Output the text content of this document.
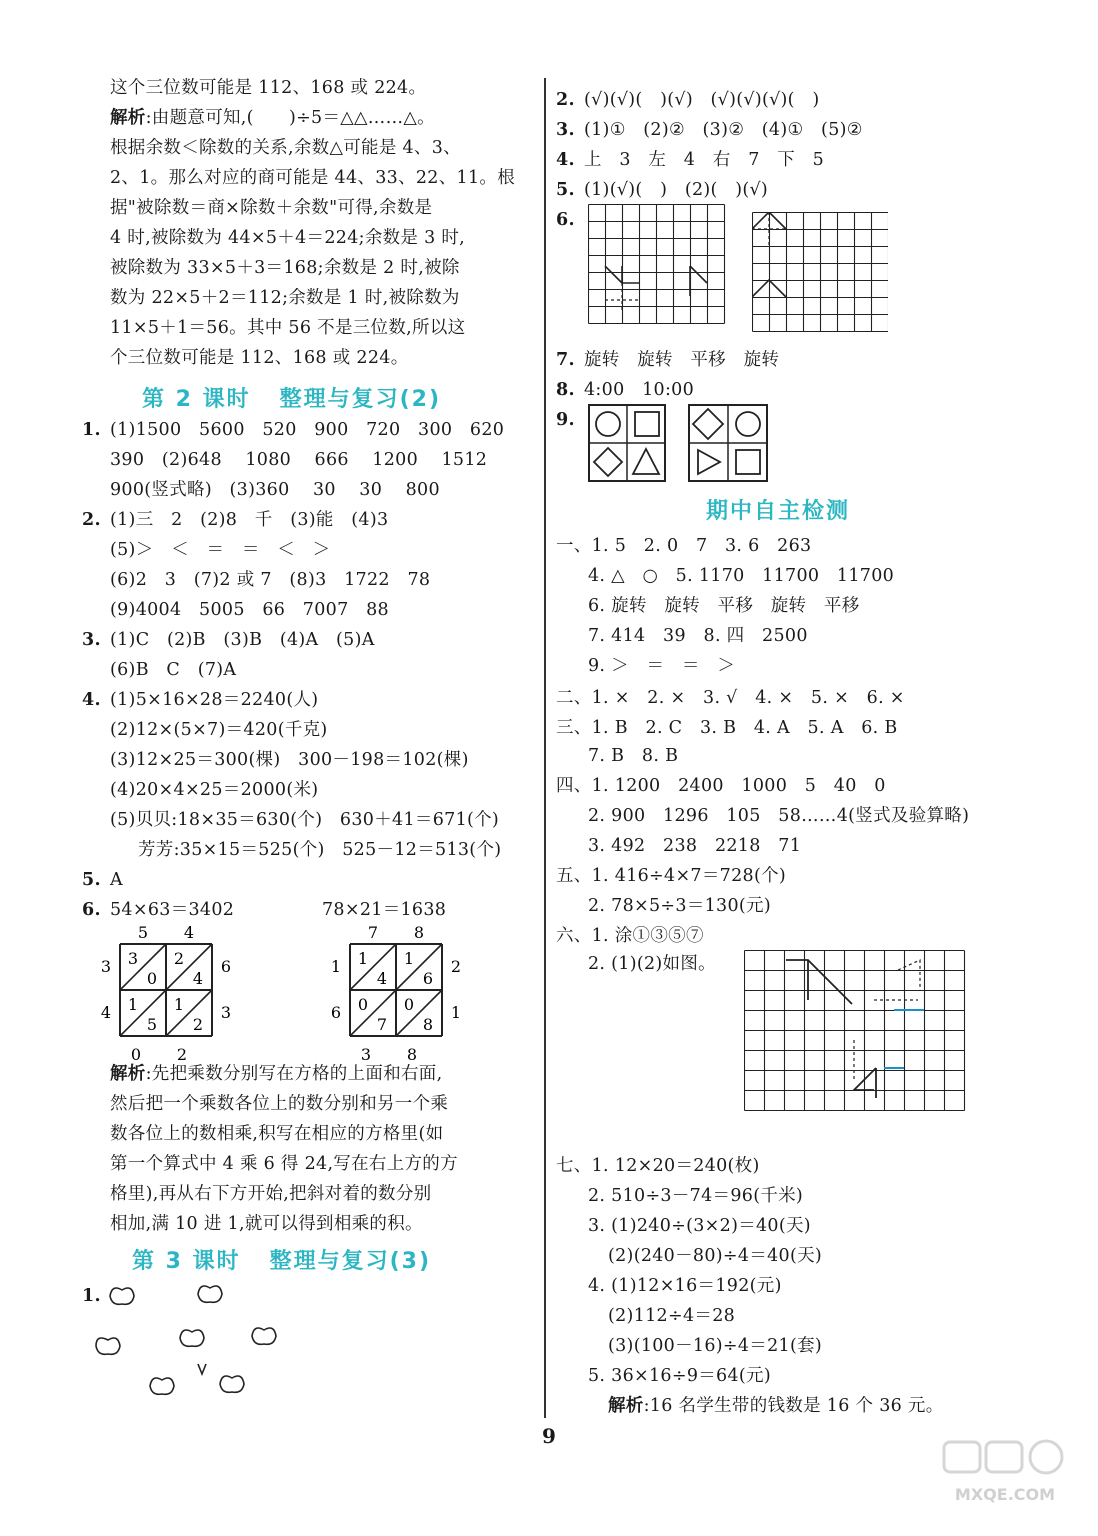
这个三位数可能是 112、168 或 224。
解析:由题意可知,(      )÷5＝△△……△。
根据余数＜除数的关系,余数△可能是 4、3、
2、1。那么对应的商可能是 44、33、22、11。根
据"被除数＝商×除数＋余数"可得,余数是
4 时,被除数为 44×5＋4＝224;余数是 3 时,
被除数为 33×5＋3＝168;余数是 2 时,被除
数为 22×5＋2＝112;余数是 1 时,被除数为
11×5＋1＝56。其中 56 不是三位数,所以这
个三位数可能是 112、168 或 224。
1. (1)1500   5600   520   900   720   300   620
390   (2)648    1080    666    1200    1512
900(竖式略)   (3)360    30    30    800
2. (1)三   2   (2)8   千   (3)能   (4)3
(5)＞   ＜   ＝   ＝   ＜   ＞
(6)2   3   (7)2 或 7   (8)3   1722   78
(9)4004   5005   66   7007   88
3. (1)C   (2)B   (3)B   (4)A   (5)A
(6)B   C   (7)A
4. (1)5×16×28＝2240(人)
(2)12×(5×7)＝420(千克)
(3)12×25＝300(棵)   300－198＝102(棵)
(4)20×4×25＝2000(米)
(5)贝贝:18×35＝630(个)   630＋41＝671(个)
芳芳:35×15＝525(个)   525－12＝513(个)
5. A
6. 54×63＝3402	78×21＝1638
解析:先把乘数分别写在方格的上面和右面,
然后把一个乘数各位上的数分别和另一个乘
数各位上的数相乘,积写在相应的方格里(如
第一个算式中 4 乘 6 得 24,写在右上方的方
格里),再从右下方开始,把斜对着的数分别
相加,满 10 进 1,就可以得到相乘的积。
1.
第 2 课时   整理与复习(2)
第 3 课时   整理与复习(3)
2. (√)(√)(   )(√)   (√)(√)(√)(   )
3. (1)①   (2)②   (3)②   (4)①   (5)②
4. 上   3   左   4   右   7   下   5
5. (1)(√)(   )   (2)(   )(√)
6.
7. 旋转   旋转   平移   旋转
8. 4:00   10:00
9.
一、1. 5   2. 0   7   3. 6   263
4. △   ○   5. 1170   11700   11700
6. 旋转   旋转   平移   旋转   平移
7. 414   39   8. 四   2500
9. ＞   ＝   ＝   ＞
二、1. ×   2. ×   3. √   4. ×   5. ×   6. ×
三、1. B   2. C   3. B   4. A   5. A   6. B
7. B   8. B
四、1. 1200   2400   1000   5   40   0
2. 900   1296   105   58……4(竖式及验算略)
3. 492   238   2218   71
五、1. 416÷4×7＝728(个)
2. 78×5÷3＝130(元)
六、1. 涂①③⑤⑦
2. (1)(2)如图。
七、1. 12×20＝240(枚)
2. 510÷3－74＝96(千米)
3. (1)240÷(3×2)＝40(天)
(2)(240－80)÷4＝40(天)
4. (1)12×16＝192(元)
(2)112÷4＝28
(3)(100－16)÷4＝21(套)
5. 36×16÷9＝64(元)
解析:16 名学生带的钱数是 16 个 36 元。
期中自主检测
3
0
2
4
1
5
1
2
5 4
3
4
6
3
0 2
1
4
1
6
0
7
0
8
7 8
1
6
2
1
3 8
9
MXQE.COM
